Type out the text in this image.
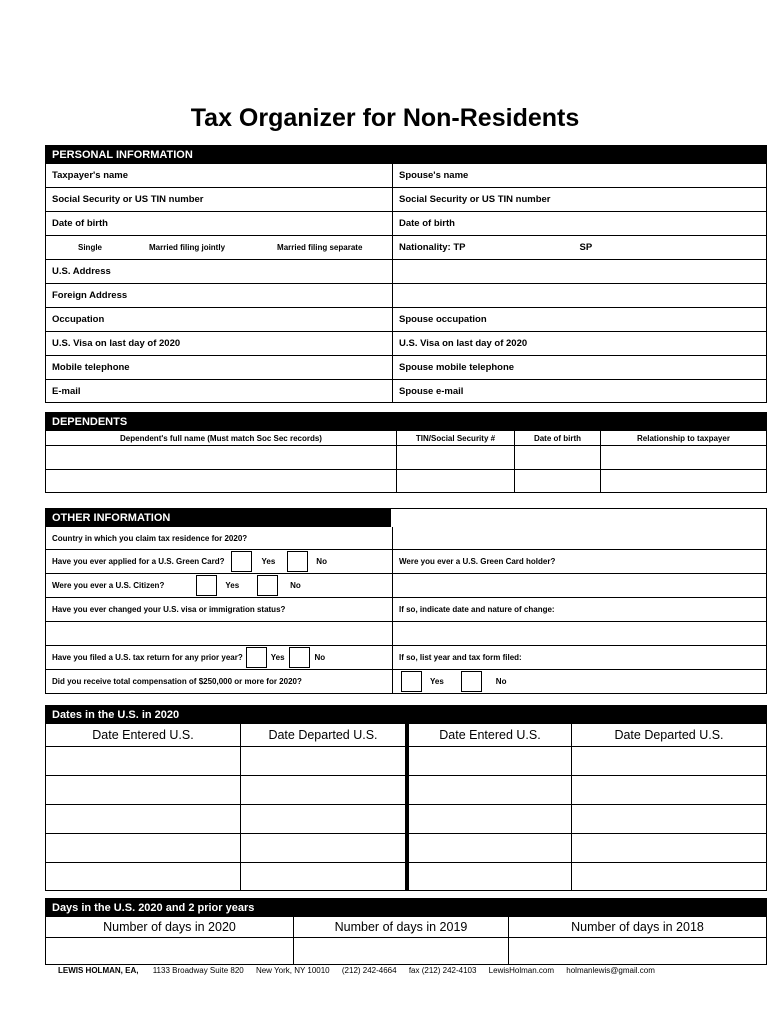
Tax Organizer for Non-Residents
PERSONAL INFORMATION
Taxpayer's name	Spouse's name
Social Security or US TIN number	Social Security or US TIN number
Date of birth	Date of birth
Single	Married filing jointly	Married filing separate	Nationality: TP	SP
U.S. Address
Foreign Address
Occupation	Spouse occupation
U.S. Visa on last day of 2020	U.S. Visa on last day of 2020
Mobile telephone	Spouse mobile telephone
E-mail	Spouse e-mail
DEPENDENTS
Dependent's full name (Must match Soc Sec records)	TIN/Social Security #	Date of birth	Relationship to taxpayer
OTHER INFORMATION
Country in which you claim tax residence for 2020?
Have you ever applied for a U.S. Green Card?	Yes	No	Were you ever a U.S. Green Card holder?
Were you ever a U.S. Citizen?	Yes	No
Have you ever changed your U.S. visa or immigration status?	If so, indicate date and nature of change:
Have you filed a U.S. tax return for any prior year?	Yes	No	If so, list year and tax form filed:
Did you receive total compensation of $250,000 or more for 2020?	Yes	No
Dates in the U.S. in 2020
Date Entered U.S.	Date Departed U.S.	Date Entered U.S.	Date Departed U.S.
Days in the U.S. 2020 and 2 prior years
Number of days in 2020	Number of days in 2019	Number of days in 2018
LEWIS HOLMAN, EA, 1133 Broadway Suite 820 New York, NY 10010 (212) 242-4664 fax (212) 242-4103 LewisHolman.com holmanlewis@gmail.com
